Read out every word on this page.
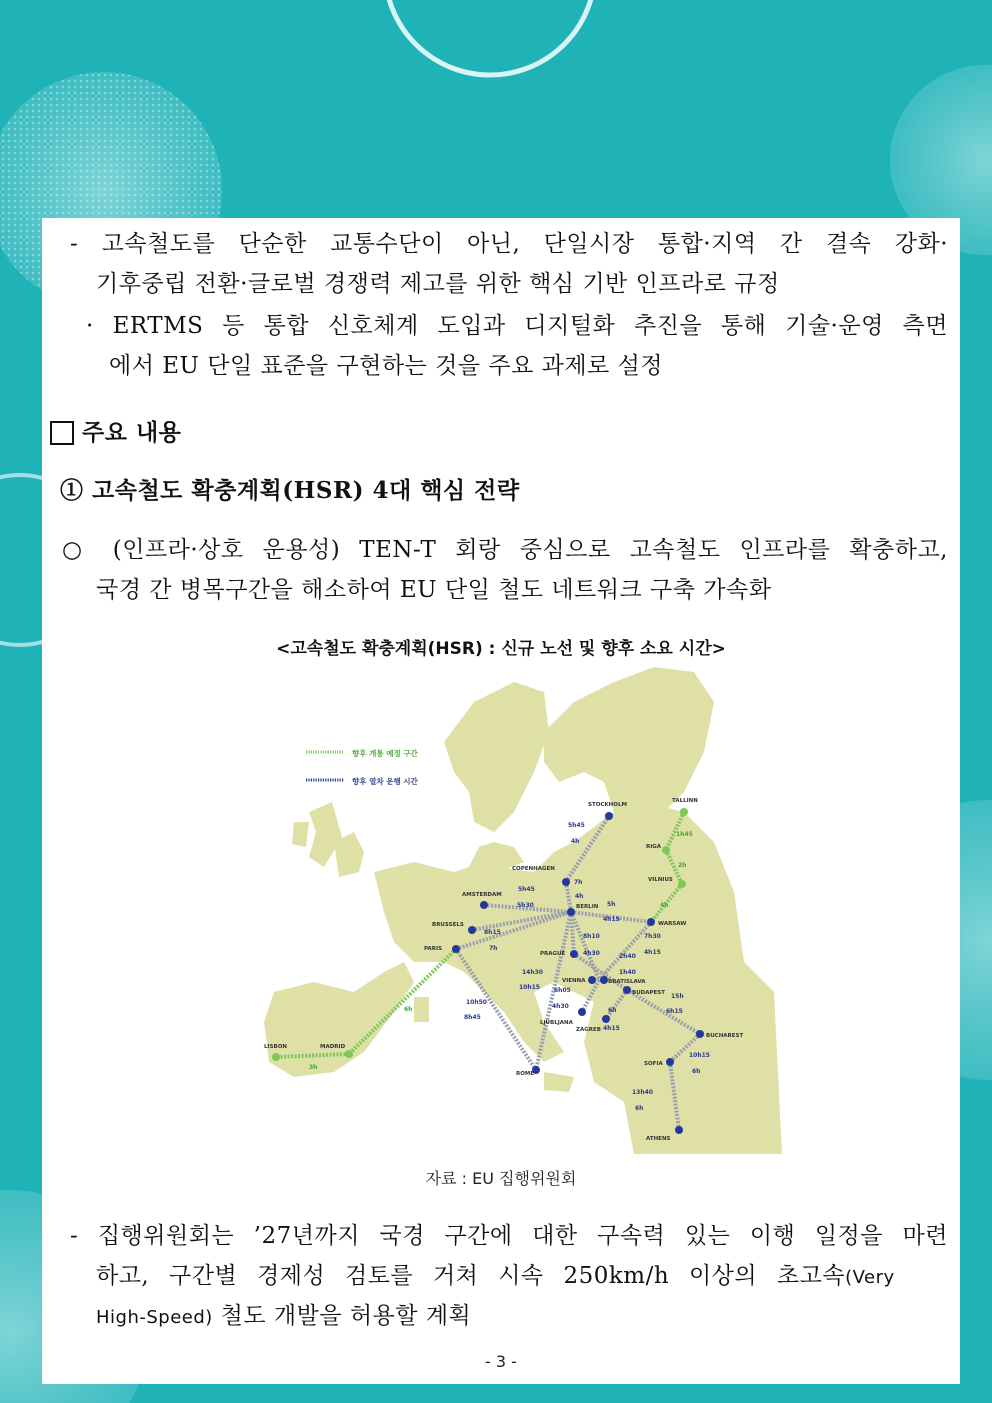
- 고속철도를 단순한 교통수단이 아닌, 단일시장 통합·지역 간 결속 강화·
기후중립 전환·글로벌 경쟁력 제고를 위한 핵심 기반 인프라로 규정
· ERTMS 등 통합 신호체계 도입과 디지털화 추진을 통해 기술·운영 측면
에서 EU 단일 표준을 구현하는 것을 주요 과제로 설정
주요 내용
① 고속철도 확충계획(HSR) 4대 핵심 전략
○ (인프라·상호 운용성) TEN-T 회랑 중심으로 고속철도 인프라를 확충하고,
국경 간 병목구간을 해소하여 EU 단일 철도 네트워크 구축 가속화
<고속철도 확충계획(HSR) : 신규 노선 및 향후 소요 시간>
향후 개통 예정 구간
향후 열차 운행 시간
STOCKHOLM
TALLINN
RIGA
VILNIUS
COPENHAGEN
AMSTERDAM
BERLIN
WARSAW
BRUSSELS
PARIS
PRAGUE
VIENNA	BRATISLAVA
BUDAPEST
LJUBLJANA
ZAGREB
BUCHAREST
SOFIA
ATHENS
ROME
LISBON	MADRID
5h45
4h
1h45
2h
4h
7h
4h
5h45
5h30	5h
4h15
8h15
7h
8h10
4h30
7h30
4h15
2h40
1h40
14h30
10h15 6h05
4h30
10h50
8h45
15h
6h15
6h
4h15
10h15
6h
13h40
6h
6h
3h
자료 : EU 집행위원회
- 집행위원회는 ’27년까지 국경 구간에 대한 구속력 있는 이행 일정을 마련
하고, 구간별 경제성 검토를 거쳐 시속 250km/h 이상의 초고속(Very
High-Speed) 철도 개발을 허용할 계획
- 3 -
